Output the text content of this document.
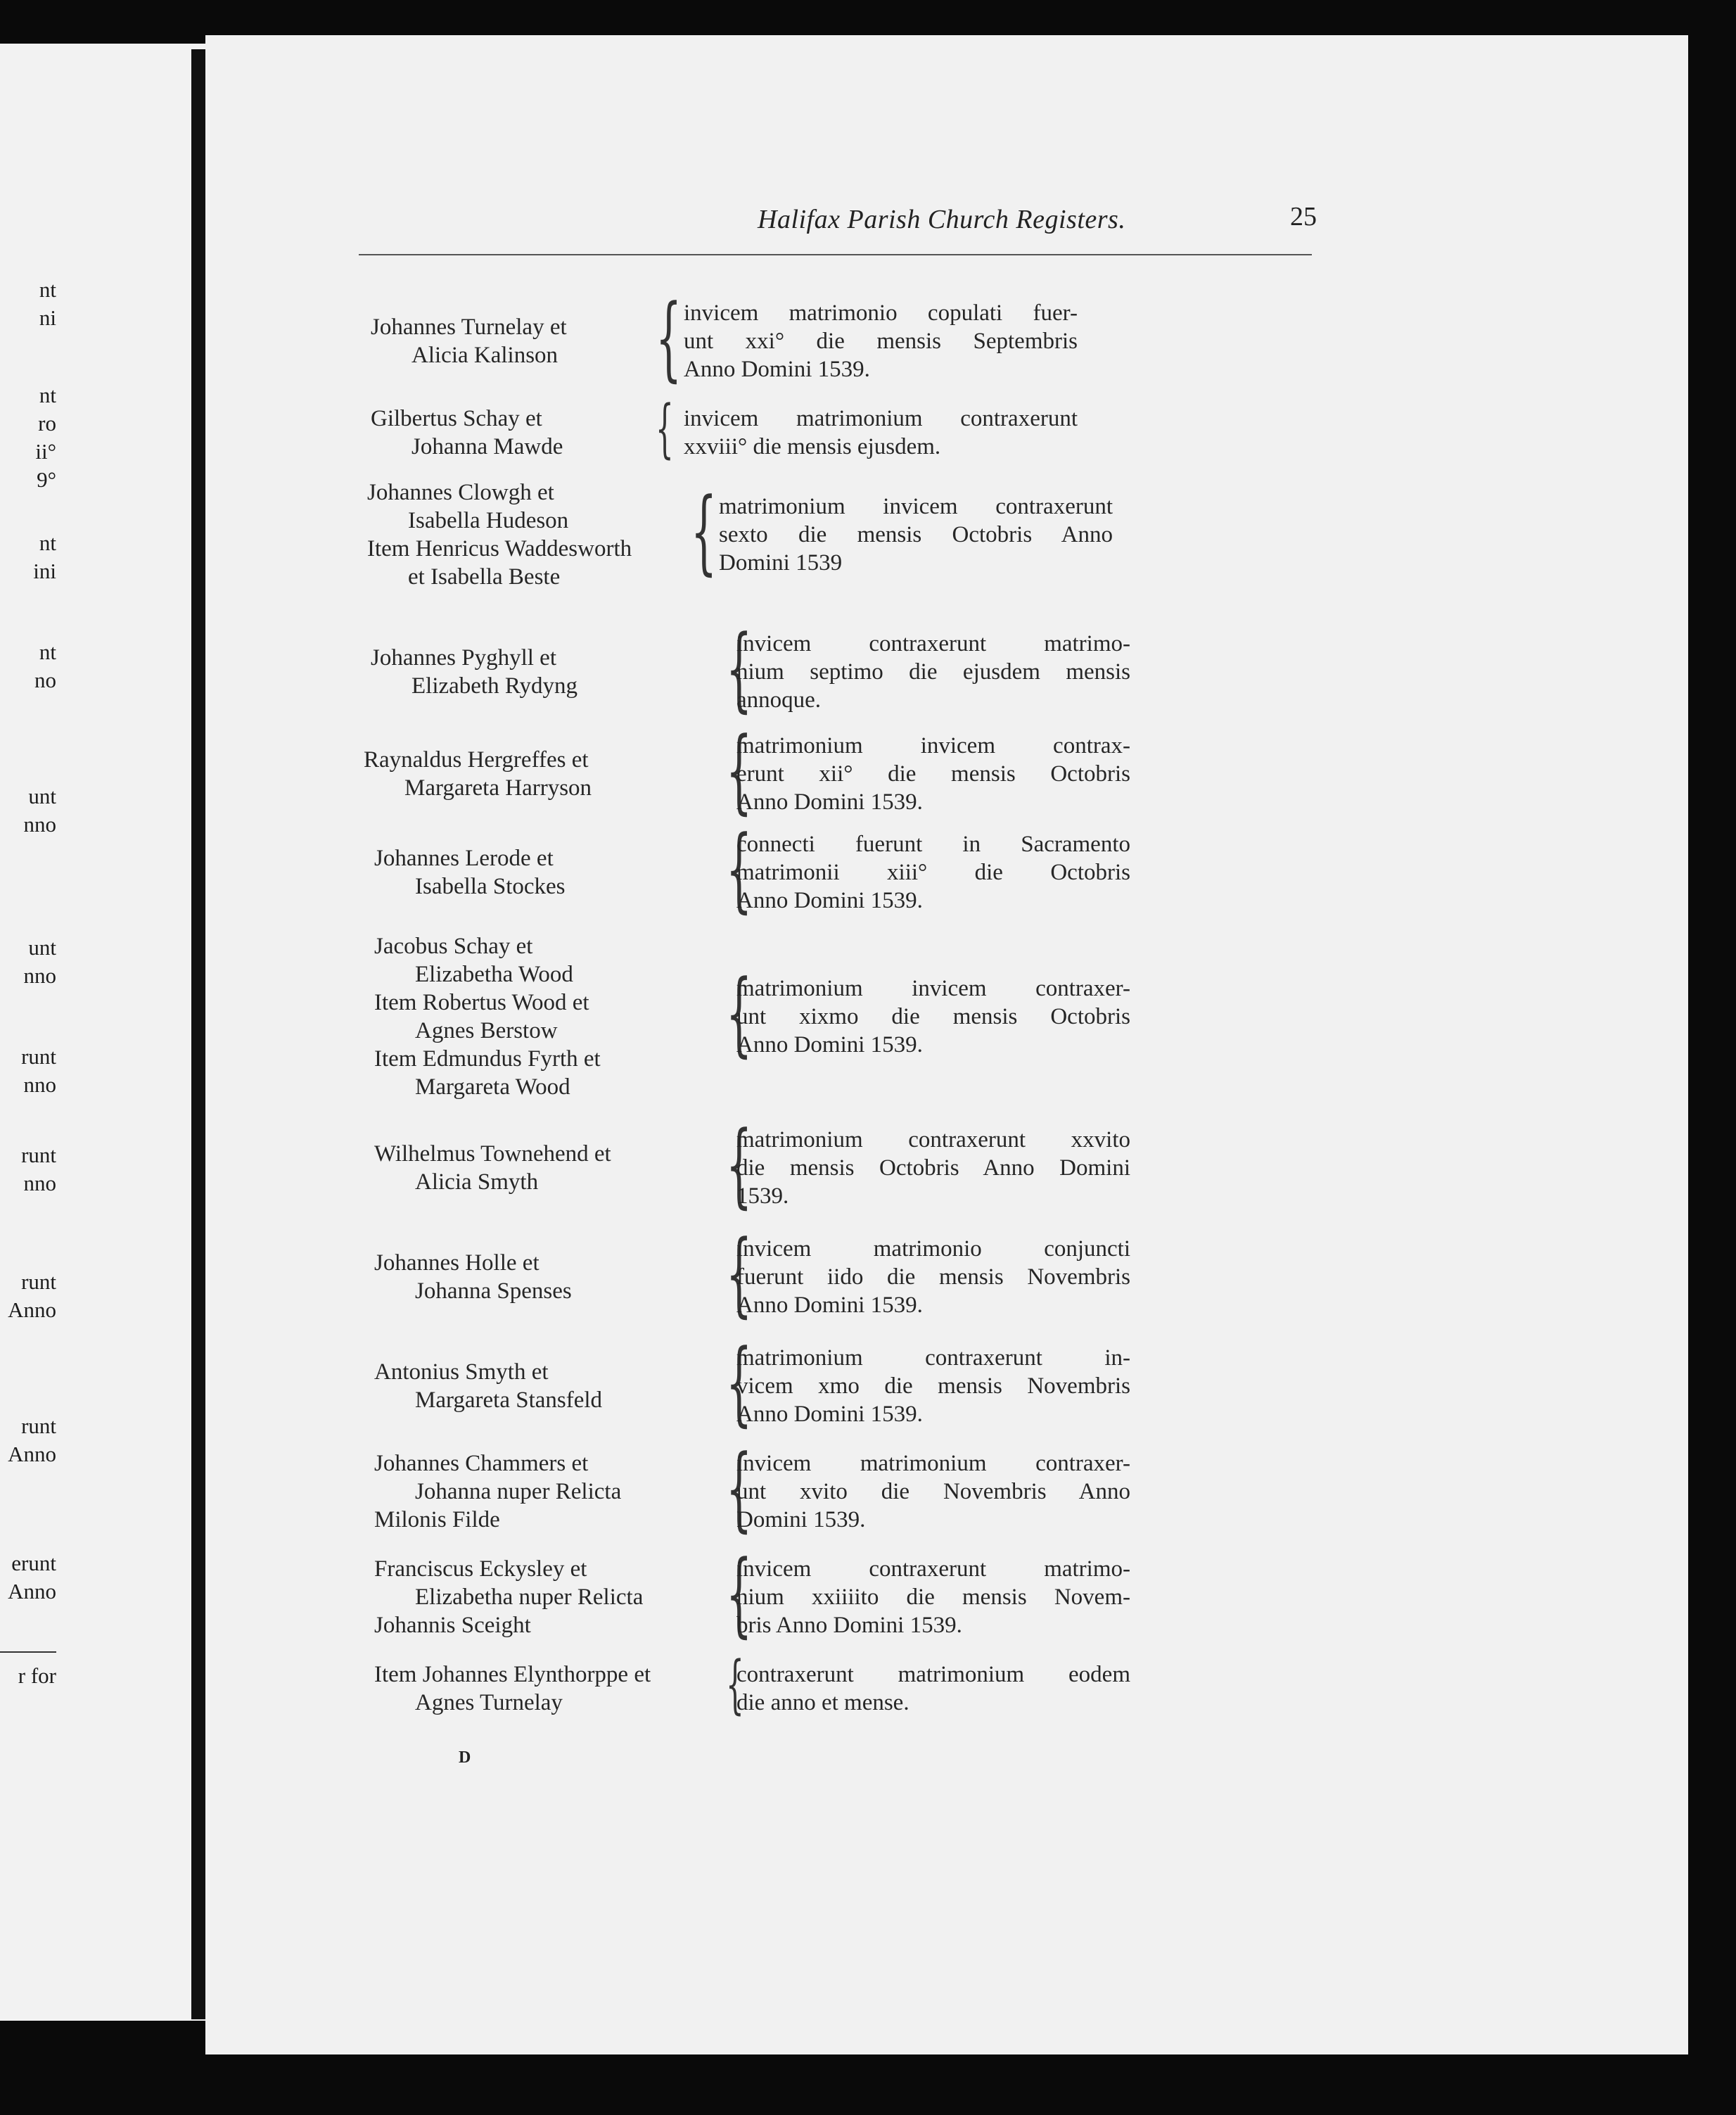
nt
ni
nt
ro
ii°
9°
nt
ini
nt
no
unt
nno
unt
nno
runt
nno
runt
nno
runt
Anno
runt
Anno
erunt
Anno
r for
Halifax Parish Church Registers.	25
Johannes Turnelay et
Alicia Kalinson	{ invicem matrimonio copulati fuer-
unt xxi° die mensis Septembris
Anno Domini 1539.
Gilbertus Schay et
Johanna Mawde	{ invicem matrimonium contraxerunt
xxviii° die mensis ejusdem.
Johannes Clowgh et
Isabella Hudeson
Item Henricus Waddesworth
et Isabella Beste	{ matrimonium invicem contraxerunt
sexto die mensis Octobris Anno
Domini 1539
Johannes Pyghyll et
Elizabeth Rydyng	{
invicem contraxerunt matrimo-
nium septimo die ejusdem mensis
annoque.
Raynaldus Hergreffes et
Margareta Harryson	{
matrimonium invicem contrax-
erunt xii° die mensis Octobris
Anno Domini 1539.
Johannes Lerode et
Isabella Stockes	{
connecti fuerunt in Sacramento
matrimonii xiii° die Octobris
Anno Domini 1539.
Jacobus Schay et
Elizabetha Wood
Item Robertus Wood et
Agnes Berstow
Item Edmundus Fyrth et
Margareta Wood
{
matrimonium invicem contraxer-
unt xixmo die mensis Octobris
Anno Domini 1539.
Wilhelmus Townehend et
Alicia Smyth	{
matrimonium contraxerunt xxvito
die mensis Octobris Anno Domini
1539.
Johannes Holle et
Johanna Spenses	{
invicem matrimonio conjuncti
fuerunt iido die mensis Novembris
Anno Domini 1539.
Antonius Smyth et
Margareta Stansfeld	{
matrimonium contraxerunt in-
vicem xmo die mensis Novembris
Anno Domini 1539.
Johannes Chammers et
Johanna nuper Relicta
Milonis Filde	{
invicem matrimonium contraxer-
unt xvito die Novembris Anno
Domini 1539.
Franciscus Eckysley et
Elizabetha nuper Relicta
Johannis Sceight	{
invicem contraxerunt matrimo-
nium xxiiiito die mensis Novem-
bris Anno Domini 1539.
Item Johannes Elynthorppe et
Agnes Turnelay	{
contraxerunt matrimonium eodem
die anno et mense.
D
